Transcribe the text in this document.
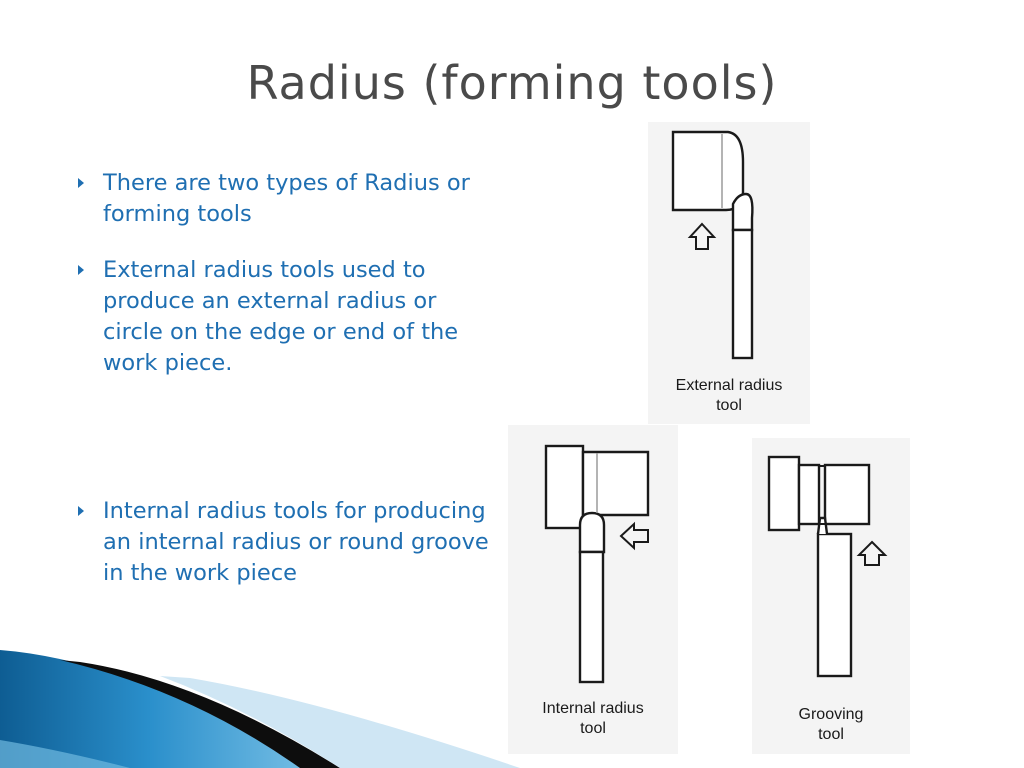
Radius (forming tools)
There are two types of Radius or forming tools
External radius tools used to produce an external radius or circle on the edge or end of the work piece.
Internal radius tools for producing an internal radius or round groove in the work piece
External radius
tool
Internal radius
tool
Grooving
tool
